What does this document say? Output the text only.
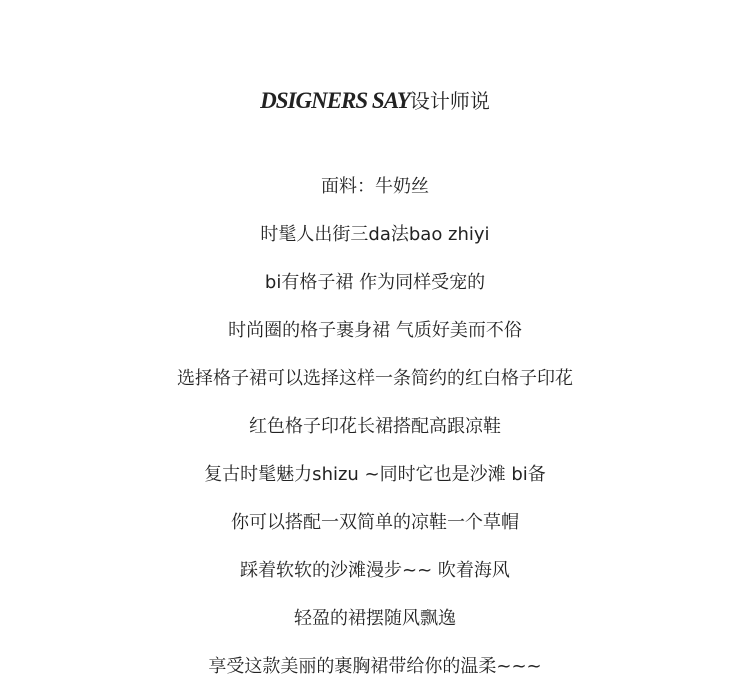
DSIGNERS SAY设计师说
面料：牛奶丝
时髦人出街三da法bao zhiyi
bi有格子裙 作为同样受宠的
时尚圈的格子裹身裙 气质好美而不俗
选择格子裙可以选择这样一条简约的红白格子印花
红色格子印花长裙搭配高跟凉鞋
复古时髦魅力shizu ~同时它也是沙滩 bi备
你可以搭配一双简单的凉鞋一个草帽
踩着软软的沙滩漫步~~ 吹着海风
轻盈的裙摆随风飘逸
享受这款美丽的裹胸裙带给你的温柔~~~
